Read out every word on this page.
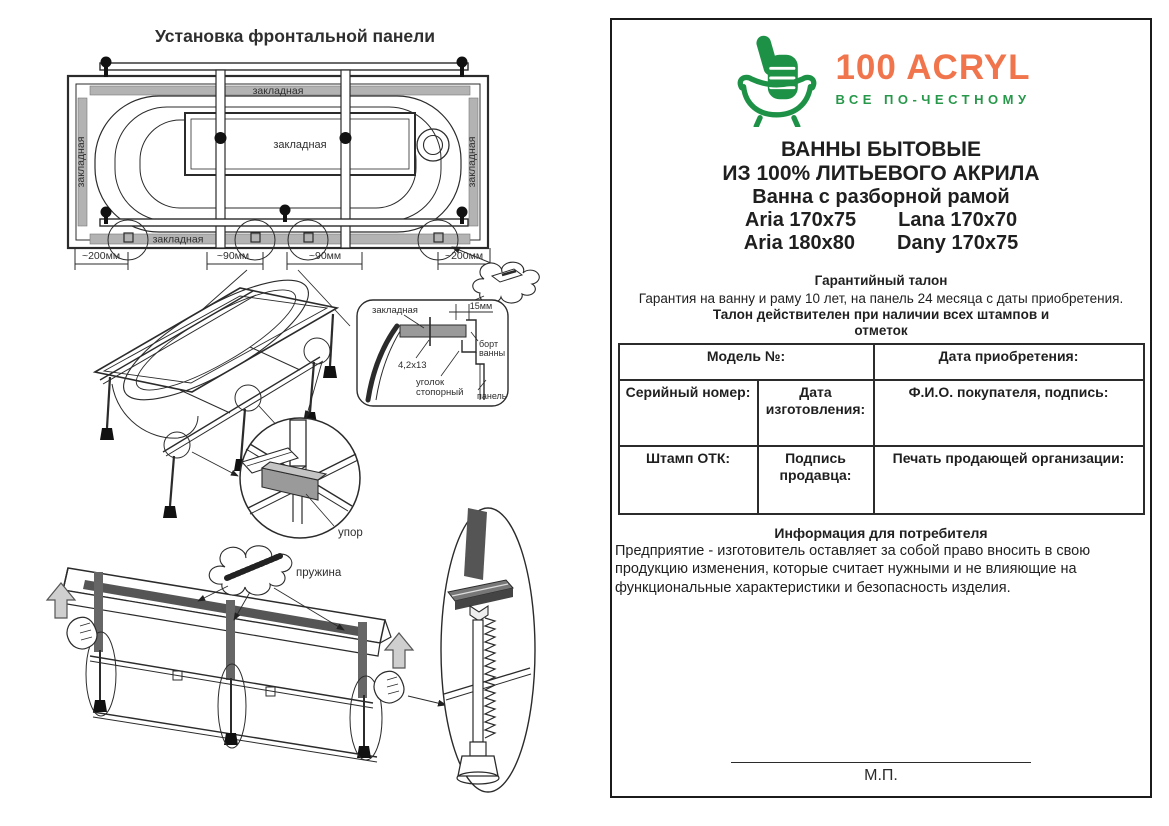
Установка фронтальной панели
закладная
закладная
закладная
закладная	закладная
~200мм	~90мм	~90мм	~200мм
упор
закладная	15мм
4,2х13
уголок
стопорный
борт
ванны
панель
пружина
100 ACRYL
ВСЕ ПО-ЧЕСТНОМУ
ВАННЫ БЫТОВЫЕ
ИЗ 100% ЛИТЬЕВОГО АКРИЛА
Ванна с разборной рамой
Aria 170x75 Lana 170x70
Aria 180x80 Dany 170x75
Гарантийный талон
Гарантия на ванну и раму 10 лет, на панель 24 месяца с даты приобретения.
Талон действителен при наличии всех штампов и
отметок
Модель №:		Дата приобретения:
Серийный номер:	Дата изготовления:	Ф.И.О. покупателя, подпись:
Штамп ОТК:	Подпись продавца:	Печать продающей организации:
Информация для потребителя
Предприятие - изготовитель оставляет за собой право вносить в свою продукцию изменения, которые считает нужными и не влияющие на функциональные характеристики и безопасность изделия.
М.П.
